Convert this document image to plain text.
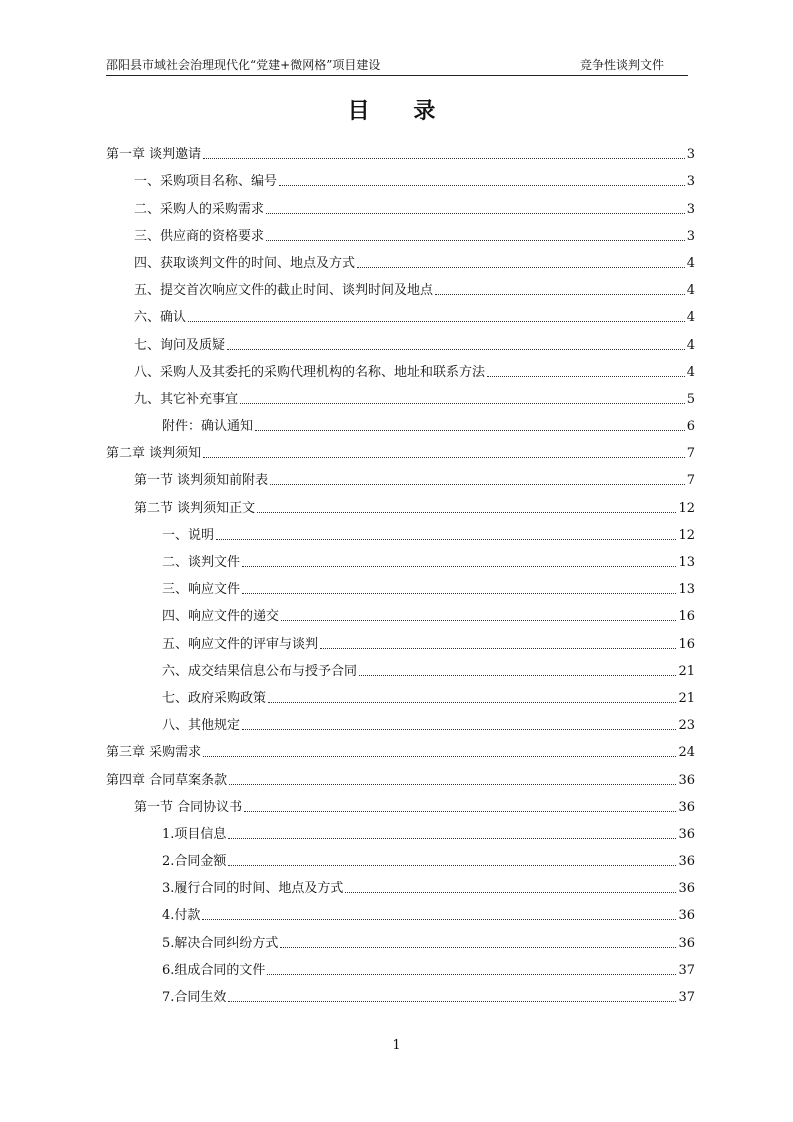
邵阳县市域社会治理现代化“党建+微网格”项目建设	竞争性谈判文件
目 录
第一章 谈判邀请	3
一、采购项目名称、编号	3
二、采购人的采购需求	3
三、供应商的资格要求	3
四、获取谈判文件的时间、地点及方式	4
五、提交首次响应文件的截止时间、谈判时间及地点	4
六、确认	4
七、询问及质疑	4
八、采购人及其委托的采购代理机构的名称、地址和联系方法	4
九、其它补充事宜	5
附件：确认通知	6
第二章 谈判须知	7
第一节 谈判须知前附表	7
第二节 谈判须知正文	12
一、说明	12
二、谈判文件	13
三、响应文件	13
四、响应文件的递交	16
五、响应文件的评审与谈判	16
六、成交结果信息公布与授予合同	21
七、政府采购政策	21
八、其他规定	23
第三章 采购需求	24
第四章 合同草案条款	36
第一节 合同协议书	36
1.项目信息	36
2.合同金额	36
3.履行合同的时间、地点及方式	36
4.付款	36
5.解决合同纠纷方式	36
6.组成合同的文件	37
7.合同生效	37
1
